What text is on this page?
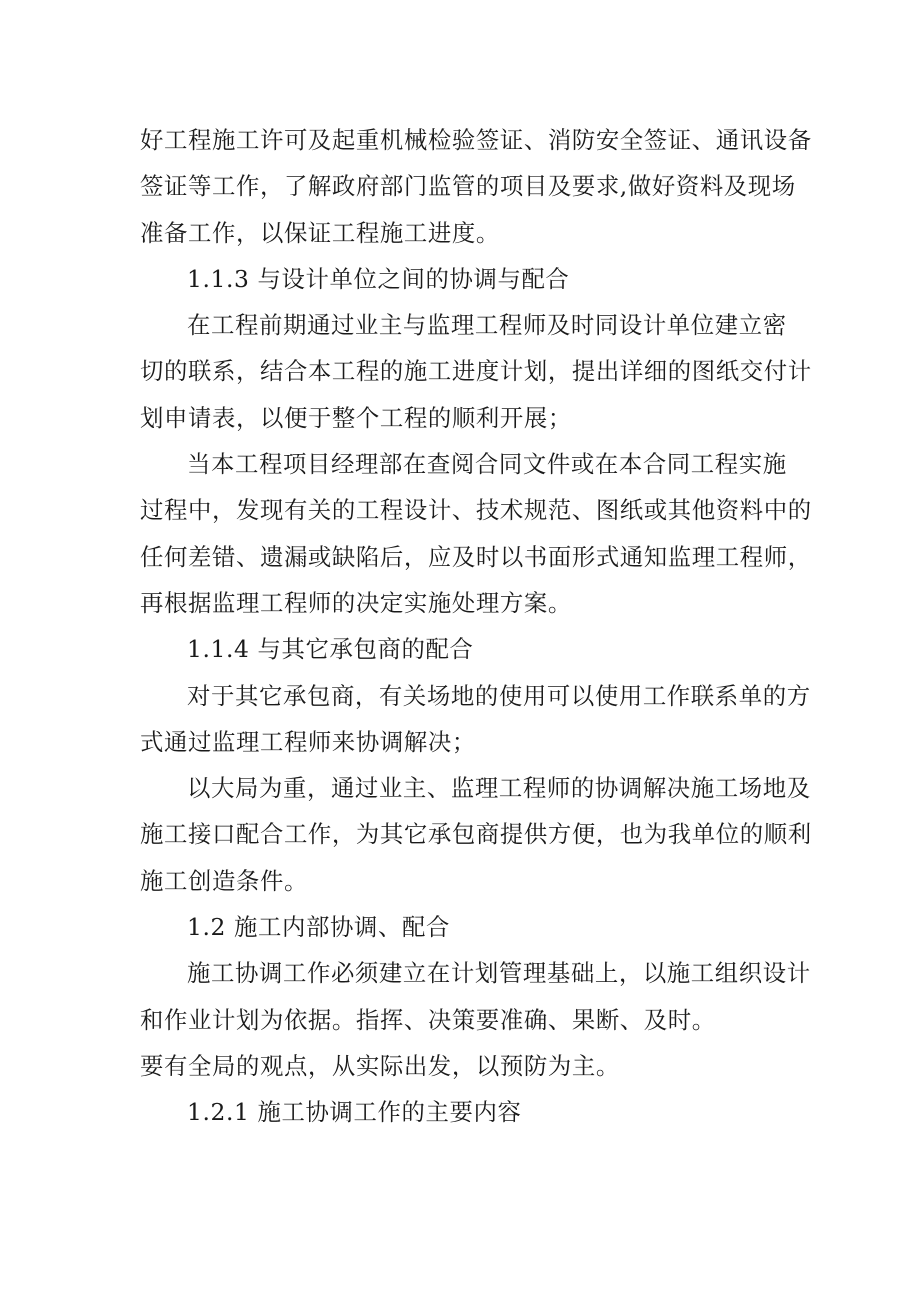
好工程施工许可及起重机械检验签证、消防安全签证、通讯设备
签证等工作，了解政府部门监管的项目及要求,做好资料及现场
准备工作，以保证工程施工进度。
1.1.3 与设计单位之间的协调与配合
在工程前期通过业主与监理工程师及时同设计单位建立密
切的联系，结合本工程的施工进度计划，提出详细的图纸交付计
划申请表，以便于整个工程的顺利开展；
当本工程项目经理部在查阅合同文件或在本合同工程实施
过程中，发现有关的工程设计、技术规范、图纸或其他资料中的
任何差错、遗漏或缺陷后，应及时以书面形式通知监理工程师，
再根据监理工程师的决定实施处理方案。
1.1.4 与其它承包商的配合
对于其它承包商，有关场地的使用可以使用工作联系单的方
式通过监理工程师来协调解决；
以大局为重，通过业主、监理工程师的协调解决施工场地及
施工接口配合工作，为其它承包商提供方便，也为我单位的顺利
施工创造条件。
1.2 施工内部协调、配合
施工协调工作必须建立在计划管理基础上，以施工组织设计
和作业计划为依据。指挥、决策要准确、果断、及时。
要有全局的观点，从实际出发，以预防为主。
1.2.1 施工协调工作的主要内容
